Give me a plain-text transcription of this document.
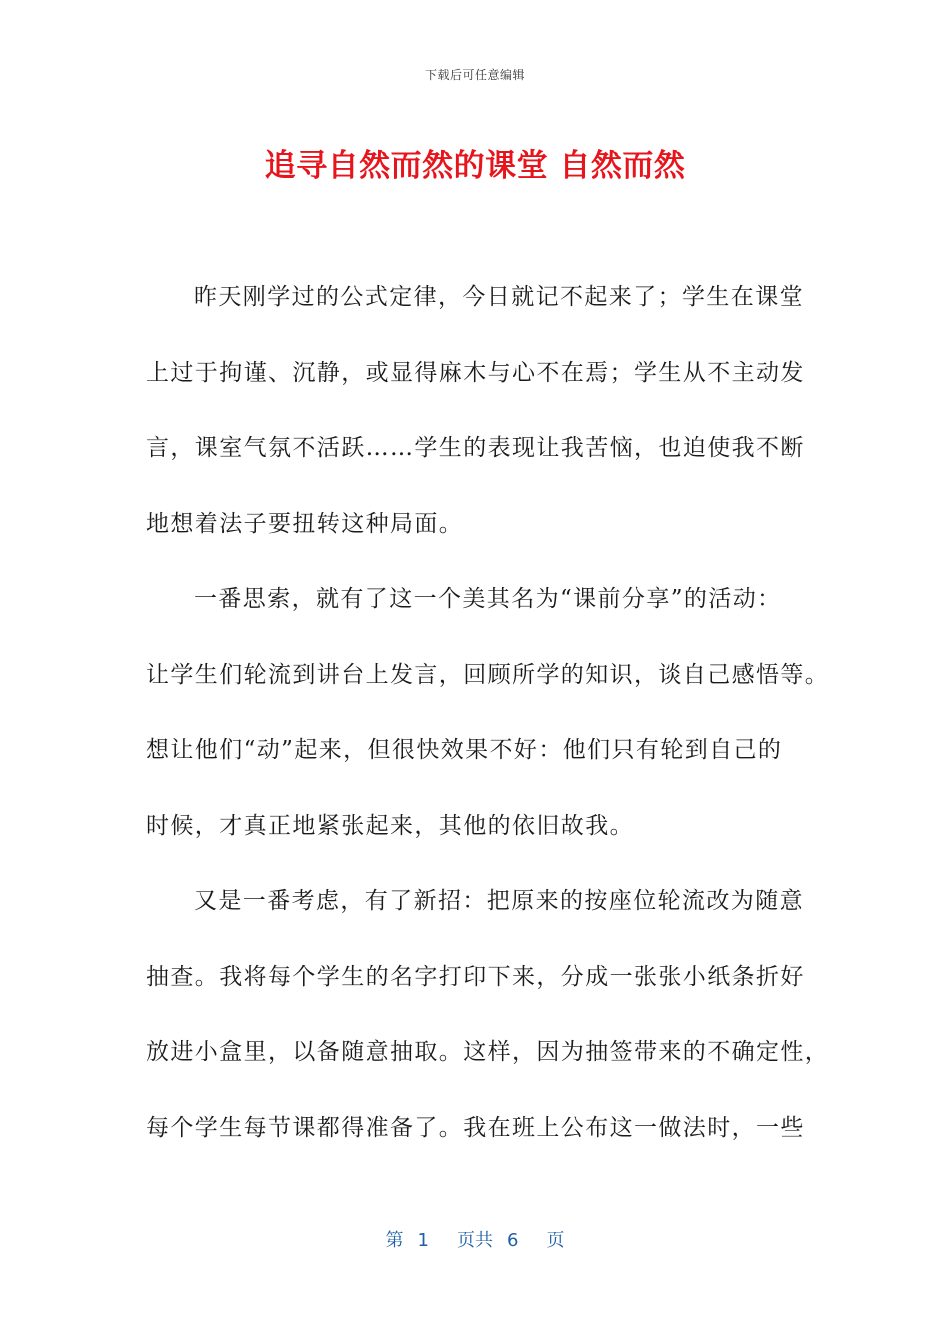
下载后可任意编辑
追寻自然而然的课堂 自然而然
昨天刚学过的公式定律，今日就记不起来了；学生在课堂
上过于拘谨、沉静，或显得麻木与心不在焉；学生从不主动发
言，课室气氛不活跃……学生的表现让我苦恼，也迫使我不断
地想着法子要扭转这种局面。
一番思索，就有了这一个美其名为“课前分享”的活动：
让学生们轮流到讲台上发言，回顾所学的知识，谈自己感悟等。
想让他们“动”起来，但很快效果不好：他们只有轮到自己的
时候，才真正地紧张起来，其他的依旧故我。
又是一番考虑，有了新招：把原来的按座位轮流改为随意
抽查。我将每个学生的名字打印下来，分成一张张小纸条折好
放进小盒里，以备随意抽取。这样，因为抽签带来的不确定性，
每个学生每节课都得准备了。我在班上公布这一做法时，一些
第 1 页共 6 页
